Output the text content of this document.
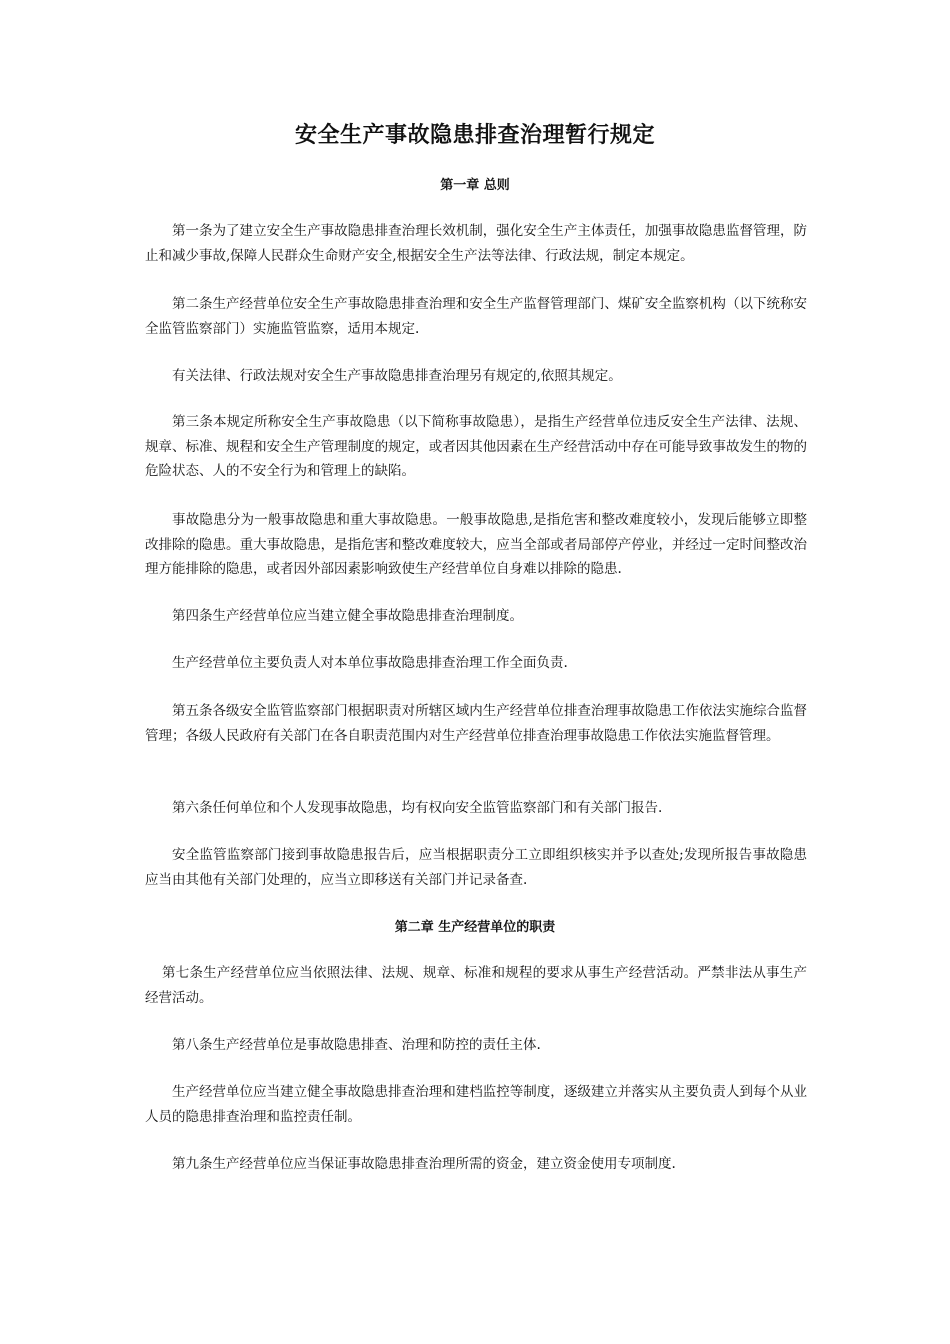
安全生产事故隐患排查治理暂行规定
第一章 总则

第一条为了建立安全生产事故隐患排查治理长效机制，强化安全生产主体责任，加强事故隐患监督管理，防止和减少事故,保障人民群众生命财产安全,根据安全生产法等法律、行政法规，制定本规定。

第二条生产经营单位安全生产事故隐患排查治理和安全生产监督管理部门、煤矿安全监察机构（以下统称安全监管监察部门）实施监管监察，适用本规定.

有关法律、行政法规对安全生产事故隐患排查治理另有规定的,依照其规定。

第三条本规定所称安全生产事故隐患（以下简称事故隐患），是指生产经营单位违反安全生产法律、法规、规章、标准、规程和安全生产管理制度的规定，或者因其他因素在生产经营活动中存在可能导致事故发生的物的危险状态、人的不安全行为和管理上的缺陷。

事故隐患分为一般事故隐患和重大事故隐患。一般事故隐患,是指危害和整改难度较小，发现后能够立即整改排除的隐患。重大事故隐患，是指危害和整改难度较大，应当全部或者局部停产停业，并经过一定时间整改治理方能排除的隐患，或者因外部因素影响致使生产经营单位自身难以排除的隐患.

第四条生产经营单位应当建立健全事故隐患排查治理制度。

生产经营单位主要负责人对本单位事故隐患排查治理工作全面负责.

第五条各级安全监管监察部门根据职责对所辖区域内生产经营单位排查治理事故隐患工作依法实施综合监督管理；各级人民政府有关部门在各自职责范围内对生产经营单位排查治理事故隐患工作依法实施监督管理。

第六条任何单位和个人发现事故隐患，均有权向安全监管监察部门和有关部门报告.

安全监管监察部门接到事故隐患报告后，应当根据职责分工立即组织核实并予以查处;发现所报告事故隐患应当由其他有关部门处理的，应当立即移送有关部门并记录备查.

第二章 生产经营单位的职责

第七条生产经营单位应当依照法律、法规、规章、标准和规程的要求从事生产经营活动。严禁非法从事生产经营活动。

第八条生产经营单位是事故隐患排查、治理和防控的责任主体.

生产经营单位应当建立健全事故隐患排查治理和建档监控等制度，逐级建立并落实从主要负责人到每个从业人员的隐患排查治理和监控责任制。

第九条生产经营单位应当保证事故隐患排查治理所需的资金，建立资金使用专项制度.
